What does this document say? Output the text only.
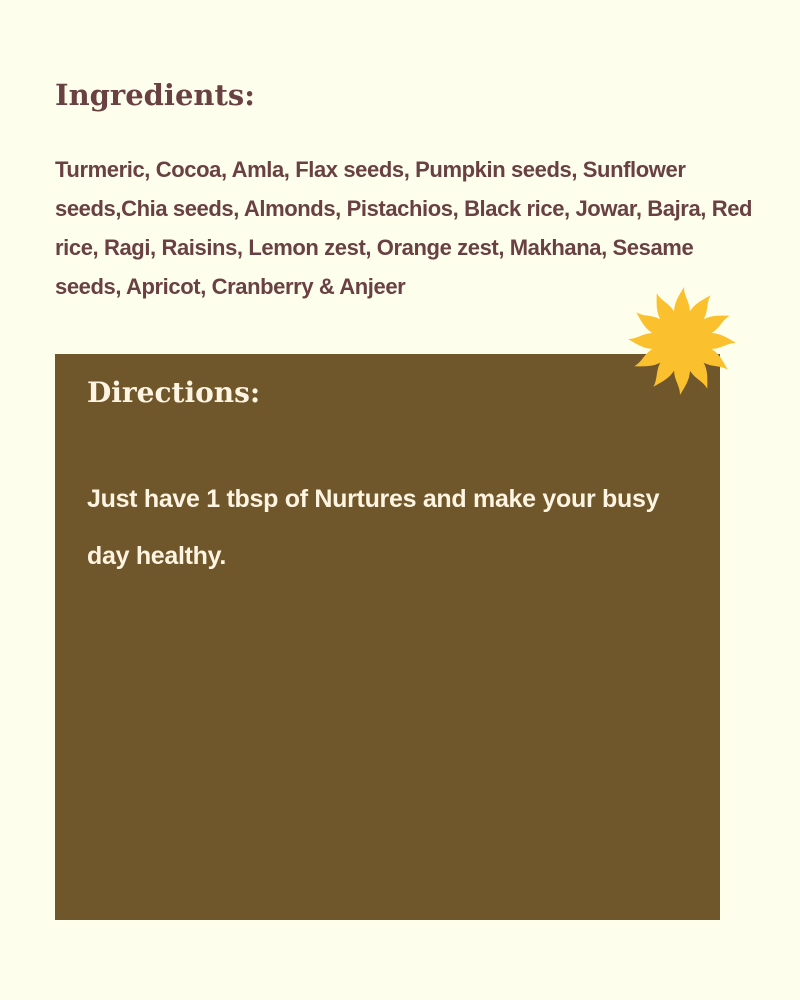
Ingredients:

Turmeric, Cocoa, Amla, Flax seeds, Pumpkin seeds, Sunflower seeds,Chia seeds, Almonds, Pistachios, Black rice, Jowar, Bajra, Red rice, Ragi, Raisins, Lemon zest, Orange zest, Makhana, Sesame seeds, Apricot, Cranberry & Anjeer

Directions:

Just have 1 tbsp of Nurtures and make your busy day healthy.
